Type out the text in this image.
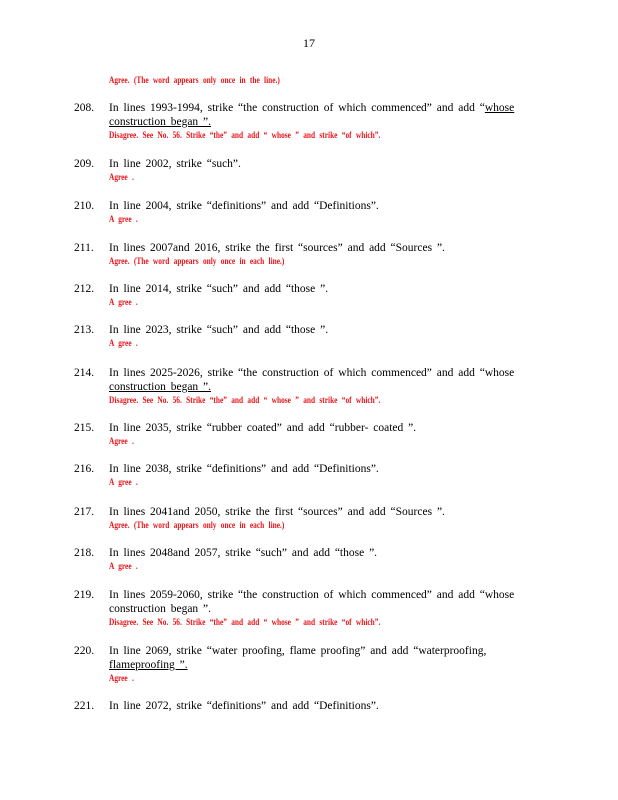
17
Agree. (The word appears only once in the line.)
208. In lines 1993-1994, strike “the construction of which commenced” and add “whose
construction began ”.
Disagree. See No. 56. Strike “the” and add “ whose ” and strike “of which”.
209. In line 2002, strike “such”.
Agree .
210. In line 2004, strike “definitions” and add “Definitions”.
A gree .
211. In lines 2007and 2016, strike the first “sources” and add “Sources ”.
Agree. (The word appears only once in each line.)
212. In line 2014, strike “such” and add “those ”.
A gree .
213. In line 2023, strike “such” and add “those ”.
A gree .
214. In lines 2025-2026, strike “the construction of which commenced” and add “whose
construction began ”.
Disagree. See No. 56. Strike “the” and add “ whose ” and strike “of which”.
215. In line 2035, strike “rubber coated” and add “rubber- coated ”.
Agree .
216. In line 2038, strike “definitions” and add “Definitions”.
A gree .
217. In lines 2041and 2050, strike the first “sources” and add “Sources ”.
Agree. (The word appears only once in each line.)
218. In lines 2048and 2057, strike “such” and add “those ”.
A gree .
219. In lines 2059-2060, strike “the construction of which commenced” and add “whose
construction began ”.
Disagree. See No. 56. Strike “the” and add “ whose ” and strike “of which”.
220. In line 2069, strike “water proofing, flame proofing” and add “waterproofing,
flameproofing ”.
Agree .
221. In line 2072, strike “definitions” and add “Definitions”.
